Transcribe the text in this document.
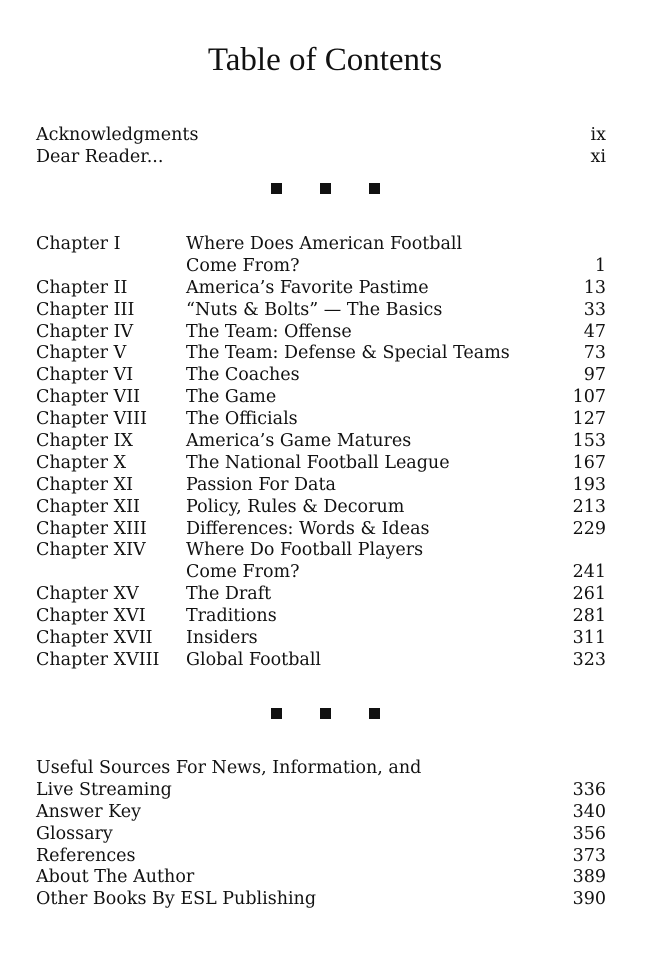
Table of Contents
Acknowledgments	ix
Dear Reader...	xi
Chapter I	Where Does American Football
Come From?	1
Chapter II	America’s Favorite Pastime	13
Chapter III	“Nuts & Bolts” — The Basics	33
Chapter IV	The Team: Offense	47
Chapter V	The Team: Defense & Special Teams	73
Chapter VI	The Coaches	97
Chapter VII	The Game	107
Chapter VIII The Officials	127
Chapter IX	America’s Game Matures	153
Chapter X	The National Football League	167
Chapter XI	Passion For Data	193
Chapter XII	Policy, Rules & Decorum	213
Chapter XIII Differences: Words & Ideas	229
Chapter XIV Where Do Football Players
Come From?	241
Chapter XV	The Draft	261
Chapter XVI Traditions	281
Chapter XVII Insiders	311
Chapter XVIII Global Football	323
Useful Sources For News, Information, and
Live Streaming	336
Answer Key	340
Glossary	356
References	373
About The Author	389
Other Books By ESL Publishing	390
